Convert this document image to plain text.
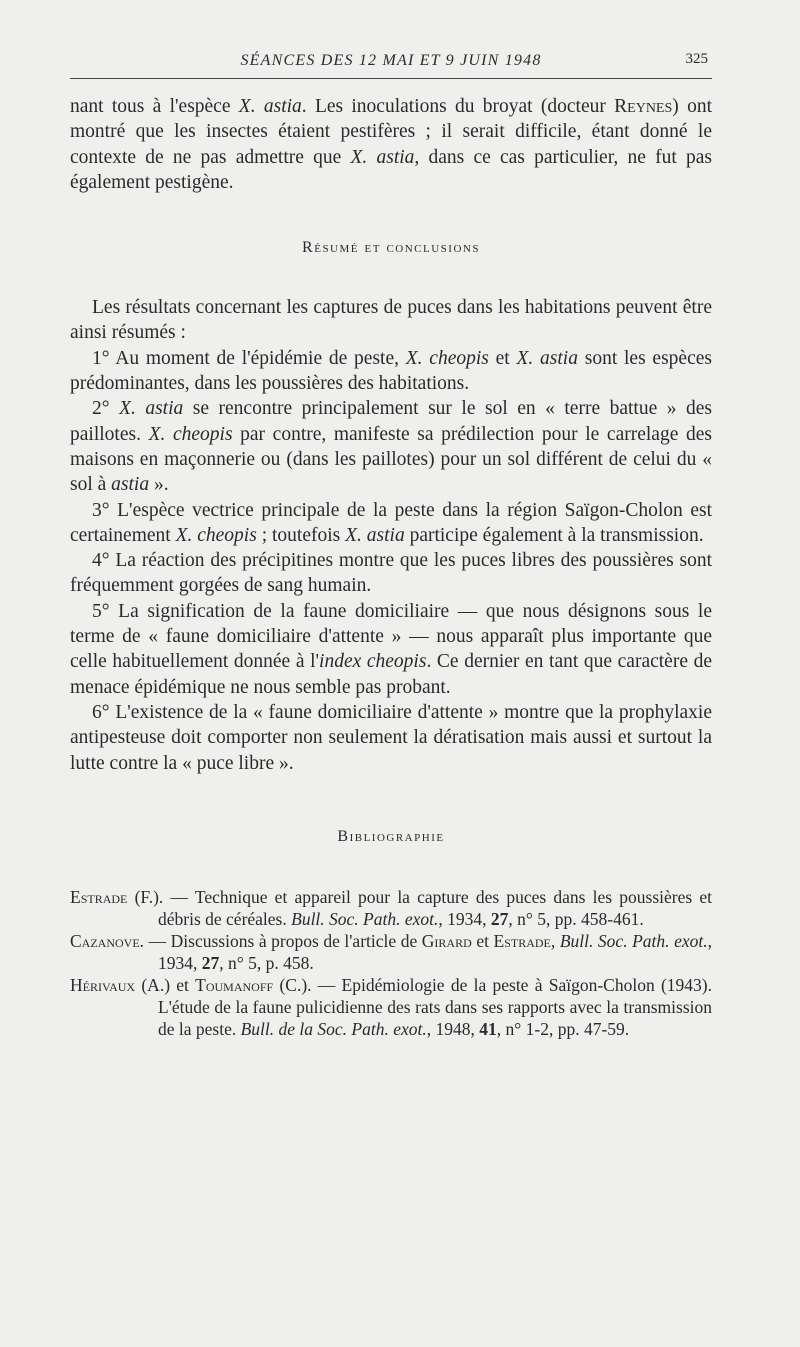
SÉANCES DES 12 MAI ET 9 JUIN 1948	325

nant tous à l'espèce X. astia. Les inoculations du broyat (docteur Reynes) ont montré que les insectes étaient pestifères ; il serait difficile, étant donné le contexte de ne pas admettre que X. astia, dans ce cas particulier, ne fut pas également pestigène.

Résumé et conclusions

Les résultats concernant les captures de puces dans les habitations peuvent être ainsi résumés :

1° Au moment de l'épidémie de peste, X. cheopis et X. astia sont les espèces prédominantes, dans les poussières des habitations.

2° X. astia se rencontre principalement sur le sol en « terre battue » des paillotes. X. cheopis par contre, manifeste sa prédilection pour le carrelage des maisons en maçonnerie ou (dans les paillotes) pour un sol différent de celui du « sol à astia ».

3° L'espèce vectrice principale de la peste dans la région Saïgon-Cholon est certainement X. cheopis ; toutefois X. astia participe également à la transmission.

4° La réaction des précipitines montre que les puces libres des poussières sont fréquemment gorgées de sang humain.

5° La signification de la faune domiciliaire — que nous désignons sous le terme de « faune domiciliaire d'attente » — nous apparaît plus importante que celle habituellement donnée à l'index cheopis. Ce dernier en tant que caractère de menace épidémique ne nous semble pas probant.

6° L'existence de la « faune domiciliaire d'attente » montre que la prophylaxie antipesteuse doit comporter non seulement la dératisation mais aussi et surtout la lutte contre la « puce libre ».

Bibliographie

Estrade (F.). — Technique et appareil pour la capture des puces dans les poussières et débris de céréales. Bull. Soc. Path. exot., 1934, 27, n° 5, pp. 458-461.

Cazanove. — Discussions à propos de l'article de Girard et Estrade, Bull. Soc. Path. exot., 1934, 27, n° 5, p. 458.

Hérivaux (A.) et Toumanoff (C.). — Epidémiologie de la peste à Saïgon-Cholon (1943). L'étude de la faune pulicidienne des rats dans ses rapports avec la transmission de la peste. Bull. de la Soc. Path. exot., 1948, 41, n° 1-2, pp. 47-59.
